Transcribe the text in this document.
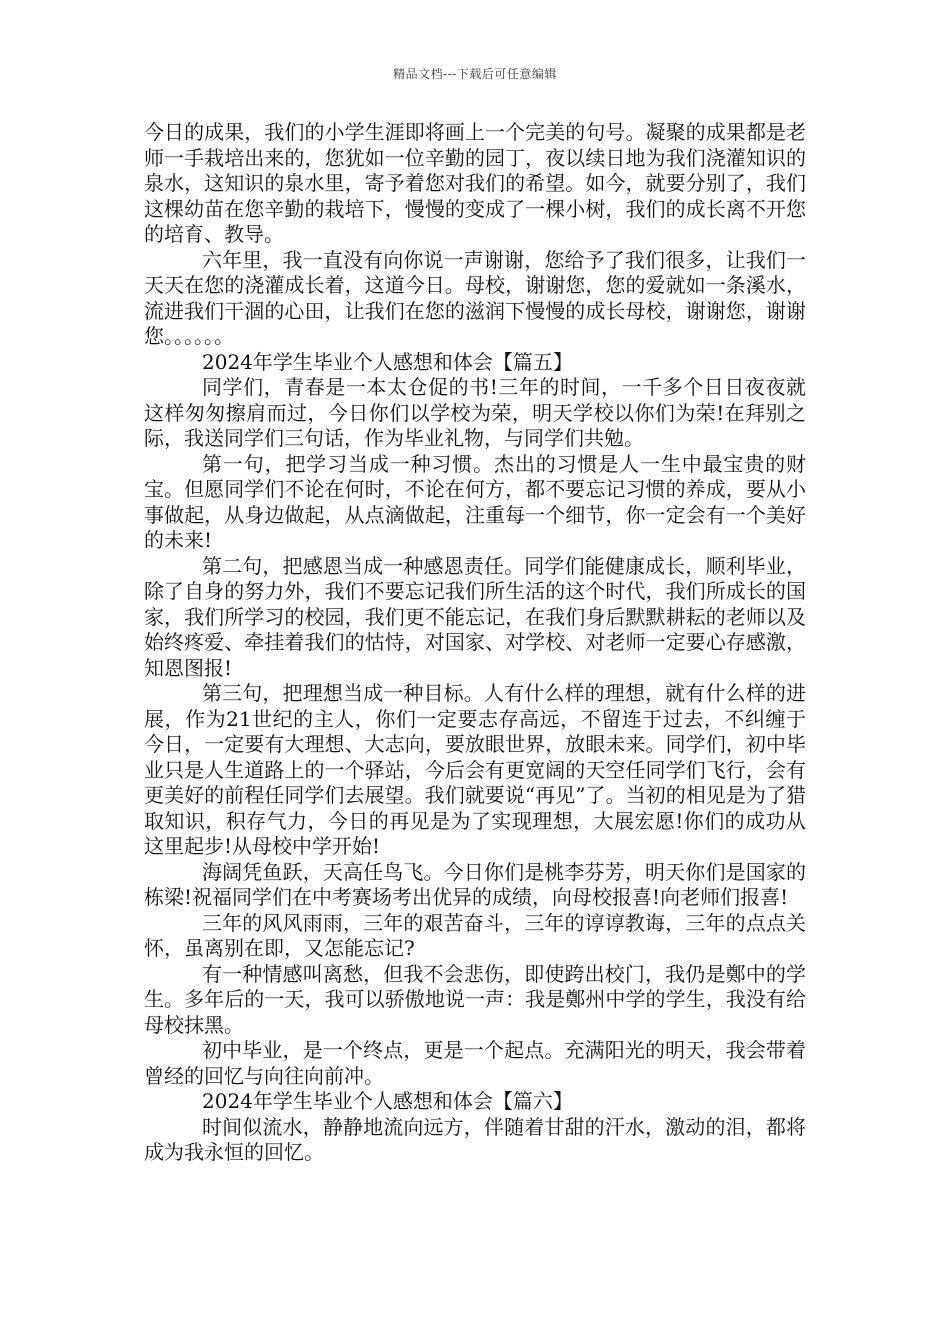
精品文档---下载后可任意编辑

今日的成果，我们的小学生涯即将画上一个完美的句号。凝聚的成果都是老师一手栽培出来的，您犹如一位辛勤的园丁，夜以续日地为我们浇灌知识的泉水，这知识的泉水里，寄予着您对我们的希望。如今，就要分别了，我们这棵幼苗在您辛勤的栽培下，慢慢的变成了一棵小树，我们的成长离不开您的培育、教导。

六年里，我一直没有向你说一声谢谢，您给予了我们很多，让我们一天天在您的浇灌成长着，这道今日。母校，谢谢您，您的爱就如一条溪水，流进我们干涸的心田，让我们在您的滋润下慢慢的成长母校，谢谢您，谢谢您。。。。。。

2024年学生毕业个人感想和体会【篇五】

同学们，青春是一本太仓促的书!三年的时间，一千多个日日夜夜就这样匆匆擦肩而过，今日你们以学校为荣，明天学校以你们为荣!在拜别之际，我送同学们三句话，作为毕业礼物，与同学们共勉。

第一句，把学习当成一种习惯。杰出的习惯是人一生中最宝贵的财宝。但愿同学们不论在何时，不论在何方，都不要忘记习惯的养成，要从小事做起，从身边做起，从点滴做起，注重每一个细节，你一定会有一个美好的未来!

第二句，把感恩当成一种感恩责任。同学们能健康成长，顺利毕业，除了自身的努力外，我们不要忘记我们所生活的这个时代，我们所成长的国家，我们所学习的校园，我们更不能忘记，在我们身后默默耕耘的老师以及始终疼爱、牵挂着我们的怙恃，对国家、对学校、对老师一定要心存感激，知恩图报!

第三句，把理想当成一种目标。人有什么样的理想，就有什么样的进展，作为21世纪的主人，你们一定要志存高远，不留连于过去，不纠缠于今日，一定要有大理想、大志向，要放眼世界，放眼未来。同学们，初中毕业只是人生道路上的一个驿站，今后会有更宽阔的天空任同学们飞行，会有更美好的前程任同学们去展望。我们就要说“再见”了。当初的相见是为了猎取知识，积存气力，今日的再见是为了实现理想，大展宏愿!你们的成功从这里起步!从母校中学开始!

海阔凭鱼跃，天高任鸟飞。今日你们是桃李芬芳，明天你们是国家的栋梁!祝福同学们在中考赛场考出优异的成绩，向母校报喜!向老师们报喜!

三年的风风雨雨，三年的艰苦奋斗，三年的谆谆教诲，三年的点点关怀，虽离别在即，又怎能忘记?

有一种情感叫离愁，但我不会悲伤，即使跨出校门，我仍是鄭中的学生。多年后的一天，我可以骄傲地说一声：我是鄭州中学的学生，我没有给母校抹黑。

初中毕业，是一个终点，更是一个起点。充满阳光的明天，我会带着曾经的回忆与向往向前冲。

2024年学生毕业个人感想和体会【篇六】

时间似流水，静静地流向远方，伴随着甘甜的汗水，激动的泪，都将成为我永恒的回忆。
